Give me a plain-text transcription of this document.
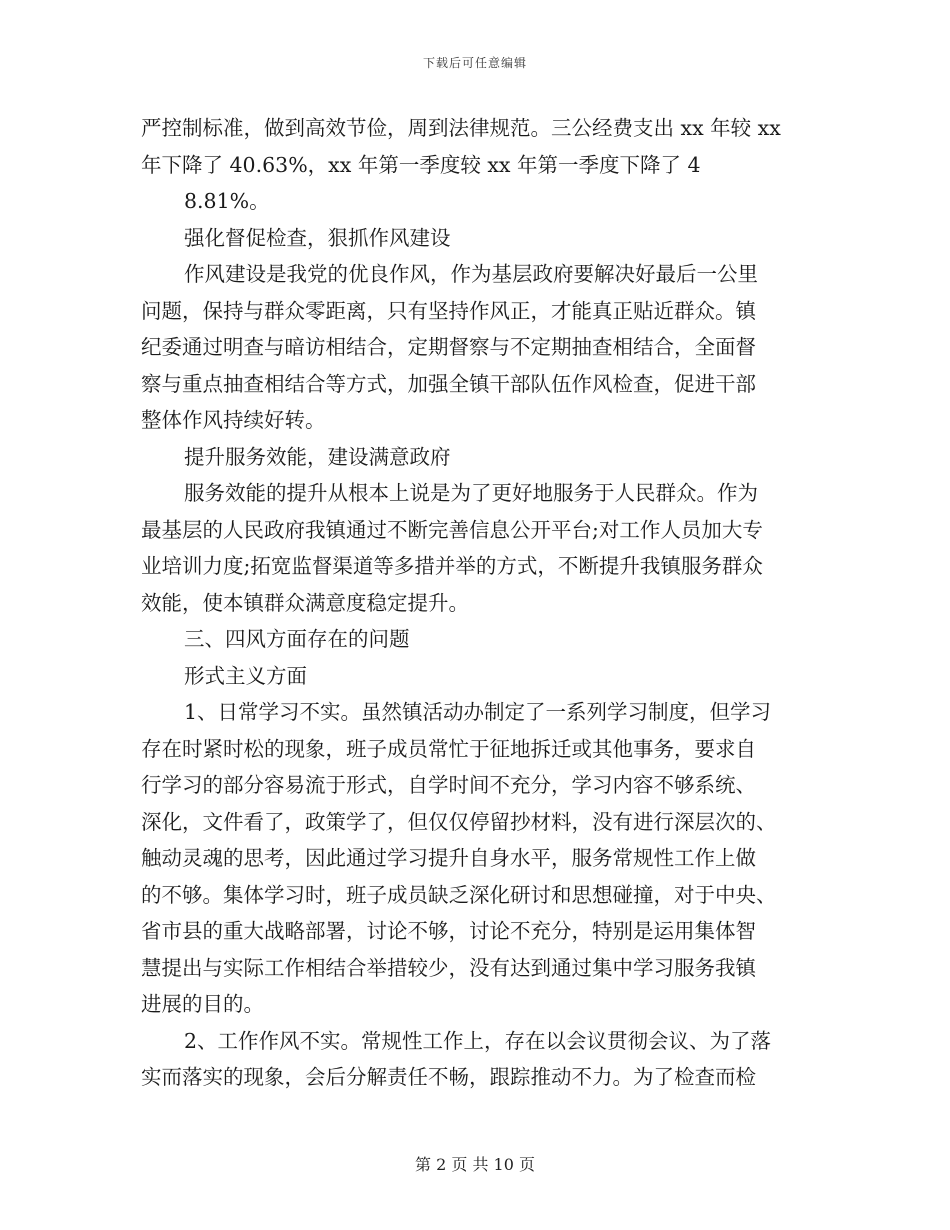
下载后可任意编辑
严控制标准，做到高效节俭，周到法律规范。三公经费支出 xx 年较 xx
年下降了 40.63%，xx 年第一季度较 xx 年第一季度下降了 4
8.81%。
强化督促检查，狠抓作风建设
作风建设是我党的优良作风，作为基层政府要解决好最后一公里
问题，保持与群众零距离，只有坚持作风正，才能真正贴近群众。镇
纪委通过明查与暗访相结合，定期督察与不定期抽查相结合，全面督
察与重点抽查相结合等方式，加强全镇干部队伍作风检查，促进干部
整体作风持续好转。
提升服务效能，建设满意政府
服务效能的提升从根本上说是为了更好地服务于人民群众。作为
最基层的人民政府我镇通过不断完善信息公开平台;对工作人员加大专
业培训力度;拓宽监督渠道等多措并举的方式，不断提升我镇服务群众
效能，使本镇群众满意度稳定提升。
三、四风方面存在的问题
形式主义方面
1、日常学习不实。虽然镇活动办制定了一系列学习制度，但学习
存在时紧时松的现象，班子成员常忙于征地拆迁或其他事务，要求自
行学习的部分容易流于形式，自学时间不充分，学习内容不够系统、
深化，文件看了，政策学了，但仅仅停留抄材料，没有进行深层次的、
触动灵魂的思考，因此通过学习提升自身水平，服务常规性工作上做
的不够。集体学习时，班子成员缺乏深化研讨和思想碰撞，对于中央、
省市县的重大战略部署，讨论不够，讨论不充分，特别是运用集体智
慧提出与实际工作相结合举措较少，没有达到通过集中学习服务我镇
进展的目的。
2、工作作风不实。常规性工作上，存在以会议贯彻会议、为了落
实而落实的现象，会后分解责任不畅，跟踪推动不力。为了检查而检
第 2 页 共 10 页
